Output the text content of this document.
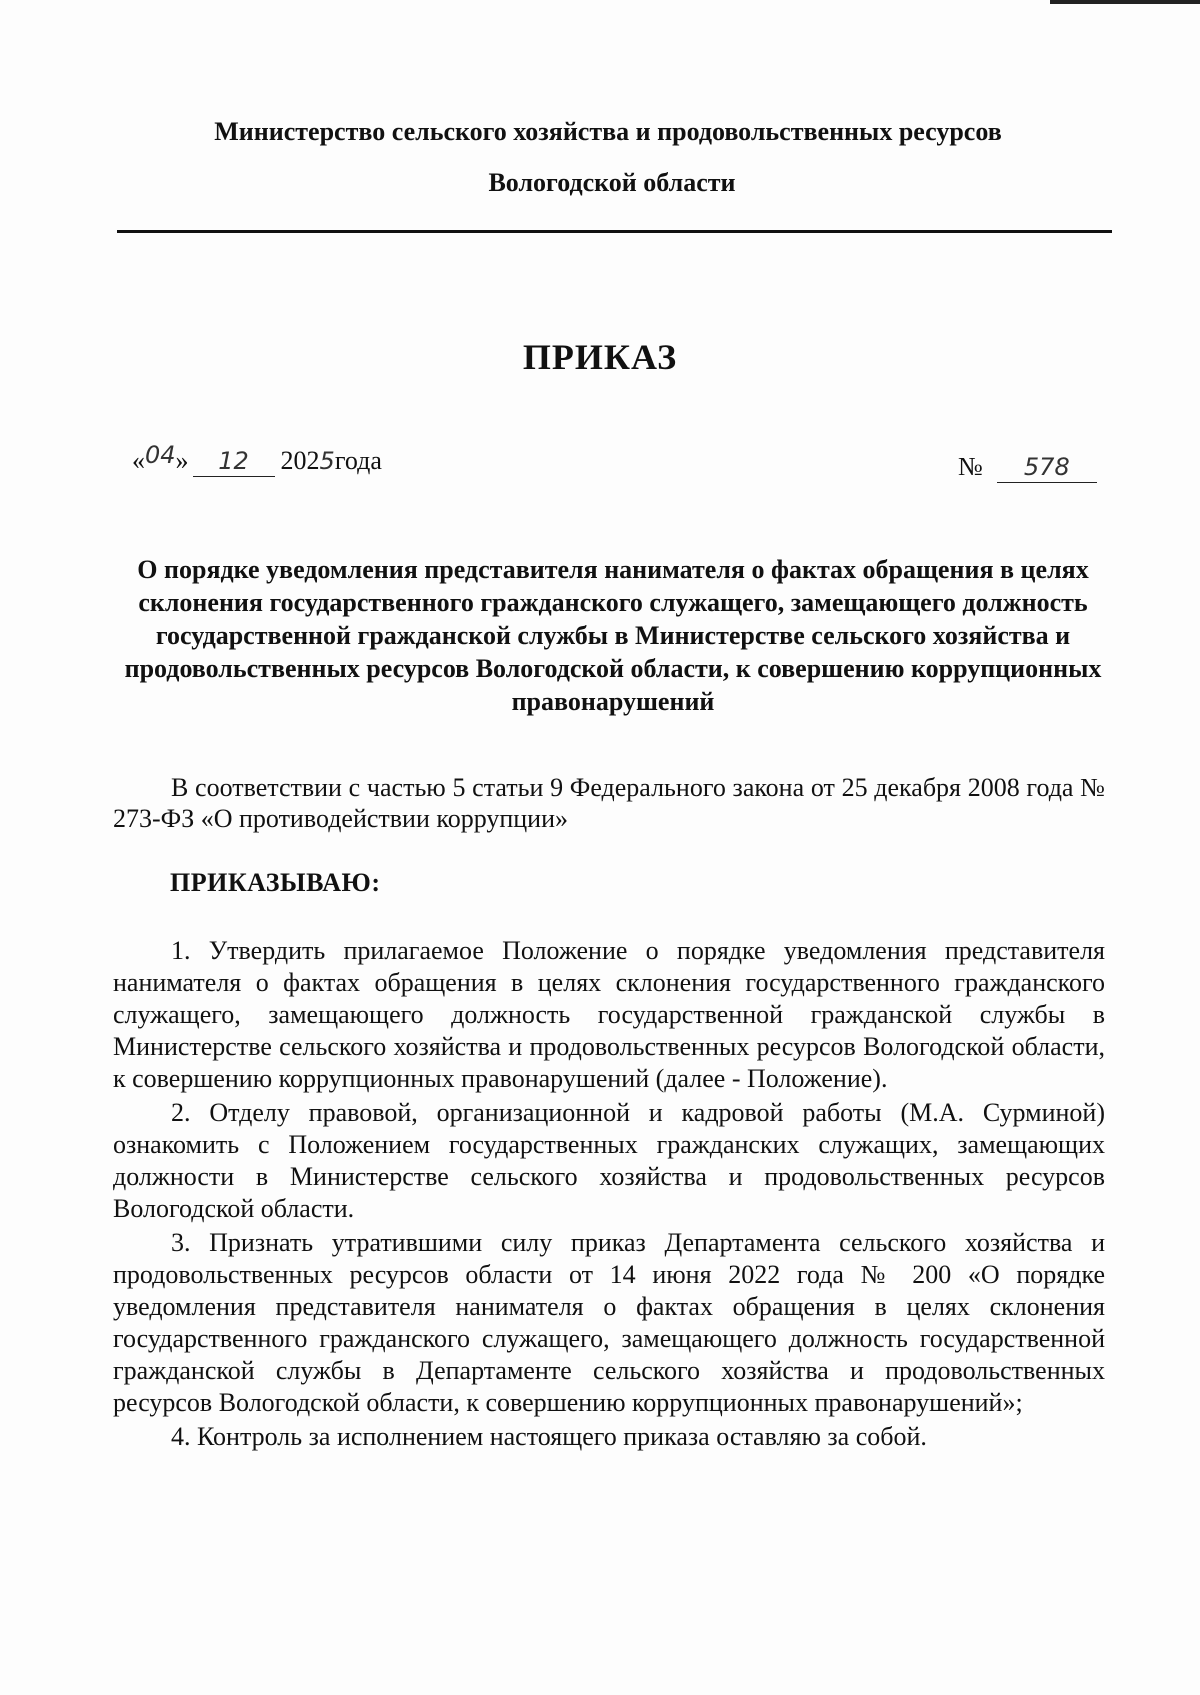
Министерство сельского хозяйства и продовольственных ресурсов
Вологодской области
ПРИКАЗ
«04» 12 2025года	№ 578
О порядке уведомления представителя нанимателя о фактах обращения в целях склонения государственного гражданского служащего, замещающего должность государственной гражданской службы в Министерстве сельского хозяйства и продовольственных ресурсов Вологодской области, к совершению коррупционных правонарушений
В соответствии с частью 5 статьи 9 Федерального закона от 25 декабря 2008 года № 273-ФЗ «О противодействии коррупции»
ПРИКАЗЫВАЮ:

1. Утвердить прилагаемое Положение о порядке уведомления представителя нанимателя о фактах обращения в целях склонения государственного гражданского служащего, замещающего должность государственной гражданской службы в Министерстве сельского хозяйства и продовольственных ресурсов Вологодской области, к совершению коррупционных правонарушений (далее - Положение).

2. Отделу правовой, организационной и кадровой работы (М.А. Сурминой) ознакомить с Положением государственных гражданских служащих, замещающих должности в Министерстве сельского хозяйства и продовольственных ресурсов Вологодской области.

3. Признать утратившими силу приказ Департамента сельского хозяйства и продовольственных ресурсов области от 14 июня 2022 года № 200 «О порядке уведомления представителя нанимателя о фактах обращения в целях склонения государственного гражданского служащего, замещающего должность государственной гражданской службы в Департаменте сельского хозяйства и продовольственных ресурсов Вологодской области, к совершению коррупционных правонарушений»;

4. Контроль за исполнением настоящего приказа оставляю за собой.
